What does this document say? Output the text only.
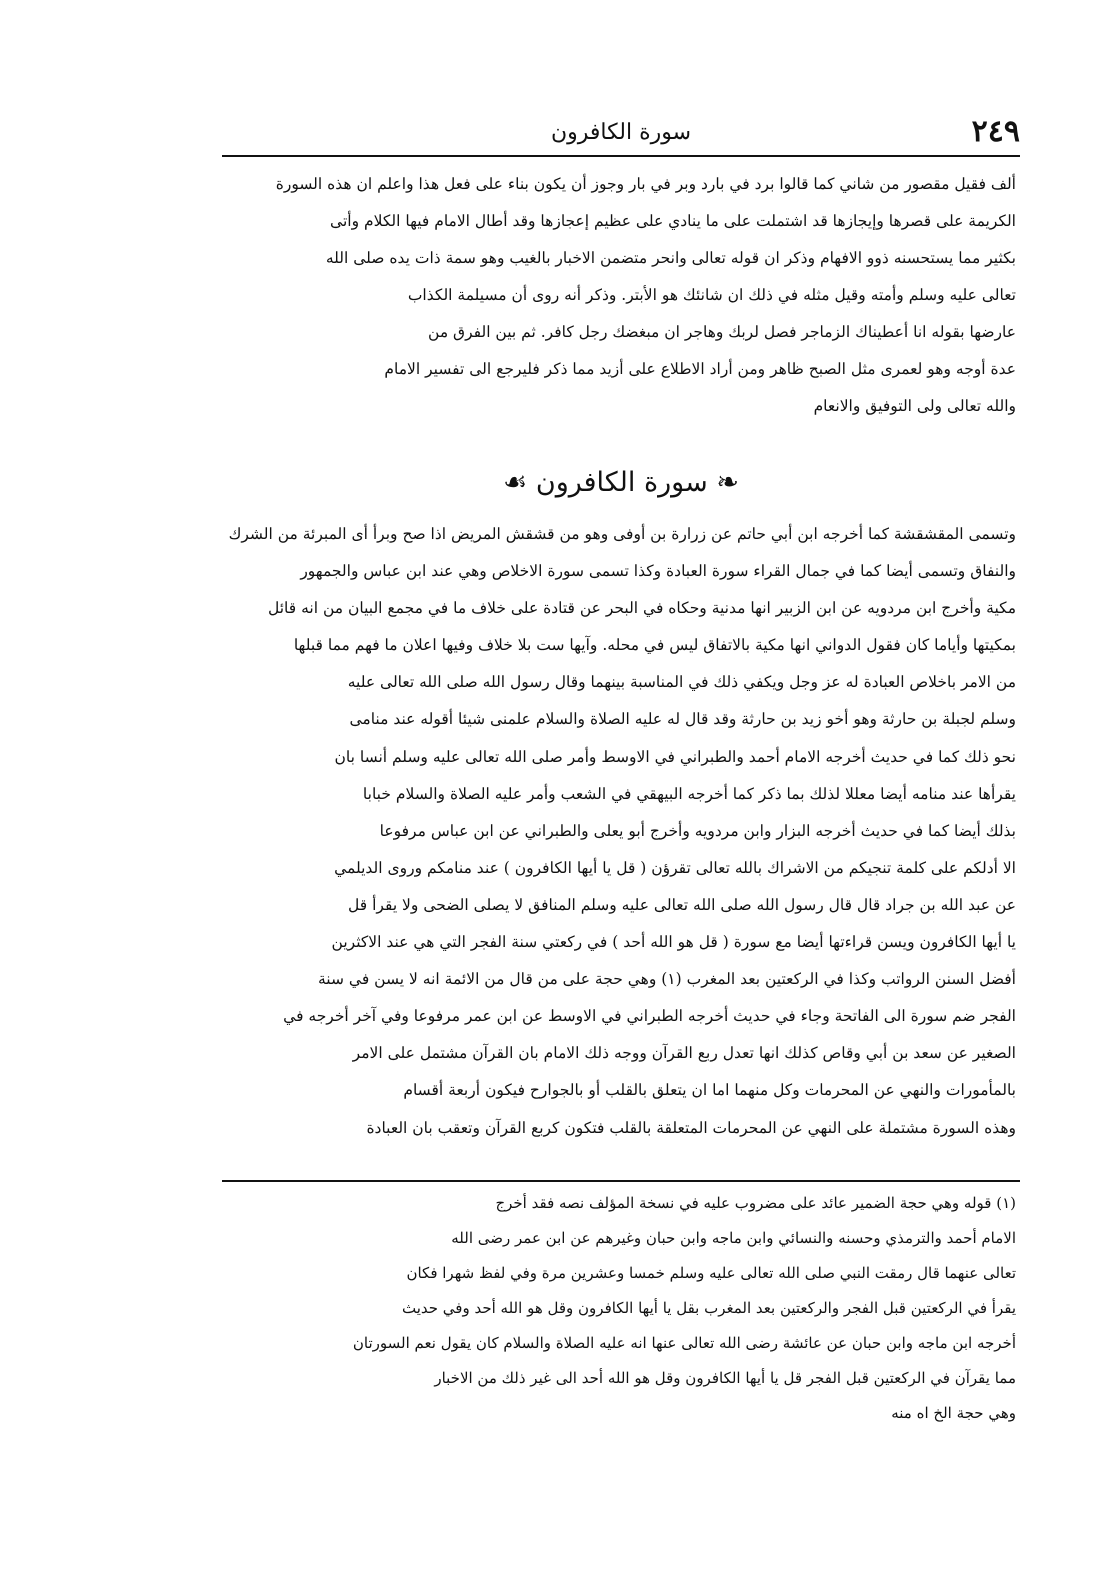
٢٤٩
سورة الكافرون

ألف فقيل مقصور من شاني كما قالوا برد في بارد وبر في بار وجوز أن يكون بناء على فعل هذا واعلم ان هذه السورة

الكريمة على قصرها وإيجازها قد اشتملت على ما ينادي على عظيم إعجازها وقد أطال الامام فيها الكلام وأتى

بكثير مما يستحسنه ذوو الافهام وذكر ان قوله تعالى وانحر متضمن الاخبار بالغيب وهو سمة ذات يده صلى الله

تعالى عليه وسلم وأمته وقيل مثله في ذلك ان شانئك هو الأبتر. وذكر أنه روى أن مسيلمة الكذاب

عارضها بقوله انا أعطيناك الزماجر فصل لربك وهاجر ان مبغضك رجل كافر. ثم بين الفرق من

عدة أوجه وهو لعمرى مثل الصبح ظاهر ومن أراد الاطلاع على أزيد مما ذكر فليرجع الى تفسير الامام

والله تعالى ولى التوفيق والانعام

❧ سورة الكافرون ☙

وتسمى المقشقشة كما أخرجه ابن أبي حاتم عن زرارة بن أوفى وهو من قشقش المريض اذا صح وبرأ أى المبرئة من الشرك

والنفاق وتسمى أيضا كما في جمال القراء سورة العبادة وكذا تسمى سورة الاخلاص وهي عند ابن عباس والجمهور

مكية وأخرج ابن مردويه عن ابن الزبير انها مدنية وحكاه في البحر عن قتادة على خلاف ما في مجمع البيان من انه قائل

بمكيتها وأياما كان فقول الدواني انها مكية بالاتفاق ليس في محله. وآيها ست بلا خلاف وفيها اعلان ما فهم مما قبلها

من الامر باخلاص العبادة له عز وجل ويكفي ذلك في المناسبة بينهما وقال رسول الله صلى الله تعالى عليه

وسلم لجبلة بن حارثة وهو أخو زيد بن حارثة وقد قال له عليه الصلاة والسلام علمنى شيئا أقوله عند منامى

نحو ذلك كما في حديث أخرجه الامام أحمد والطبراني في الاوسط وأمر صلى الله تعالى عليه وسلم أنسا بان

يقرأها عند منامه أيضا معللا لذلك بما ذكر كما أخرجه البيهقي في الشعب وأمر عليه الصلاة والسلام خبابا

بذلك أيضا كما في حديث أخرجه البزار وابن مردويه وأخرج أبو يعلى والطبراني عن ابن عباس مرفوعا

الا أدلكم على كلمة تنجيكم من الاشراك بالله تعالى تقرؤن ( قل يا أيها الكافرون ) عند منامكم وروى الديلمي

عن عبد الله بن جراد قال قال رسول الله صلى الله تعالى عليه وسلم المنافق لا يصلى الضحى ولا يقرأ قل

يا أيها الكافرون ويسن قراءتها أيضا مع سورة ( قل هو الله أحد ) في ركعتي سنة الفجر التي هي عند الاكثرين

أفضل السنن الرواتب وكذا في الركعتين بعد المغرب (١) وهي حجة على من قال من الائمة انه لا يسن في سنة

الفجر ضم سورة الى الفاتحة وجاء في حديث أخرجه الطبراني في الاوسط عن ابن عمر مرفوعا وفي آخر أخرجه في

الصغير عن سعد بن أبي وقاص كذلك انها تعدل ربع القرآن ووجه ذلك الامام بان القرآن مشتمل على الامر

بالمأمورات والنهي عن المحرمات وكل منهما اما ان يتعلق بالقلب أو بالجوارح فيكون أربعة أقسام

وهذه السورة مشتملة على النهي عن المحرمات المتعلقة بالقلب فتكون كربع القرآن وتعقب بان العبادة

(١) قوله وهي حجة الضمير عائد على مضروب عليه في نسخة المؤلف نصه فقد أخرج

الامام أحمد والترمذي وحسنه والنسائي وابن ماجه وابن حبان وغيرهم عن ابن عمر رضى الله

تعالى عنهما قال رمقت النبي صلى الله تعالى عليه وسلم خمسا وعشرين مرة وفي لفظ شهرا فكان

يقرأ في الركعتين قبل الفجر والركعتين بعد المغرب بقل يا أيها الكافرون وقل هو الله أحد وفي حديث

أخرجه ابن ماجه وابن حبان عن عائشة رضى الله تعالى عنها انه عليه الصلاة والسلام كان يقول نعم السورتان

مما يقرآن في الركعتين قبل الفجر قل يا أيها الكافرون وقل هو الله أحد الى غير ذلك من الاخبار

وهي حجة الخ اه منه
